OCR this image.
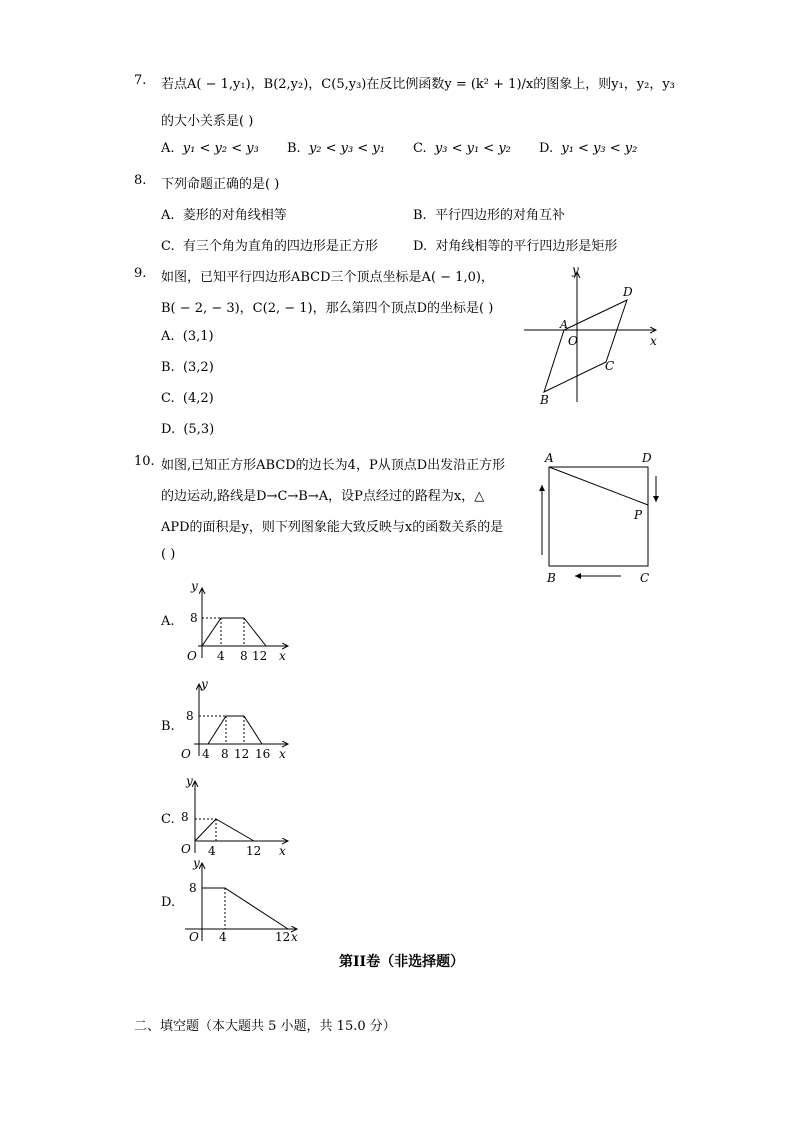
7. 若点A( − 1,y₁)，B(2,y₂)，C(5,y₃)在反比例函数y = (k² + 1)/x的图象上，则y₁，y₂，y₃
的大小关系是( )
A. y₁ < y₂ < y₃ B. y₂ < y₃ < y₁ C. y₃ < y₁ < y₂ D. y₁ < y₃ < y₂
8. 下列命题正确的是( )
A. 菱形的对角线相等	B. 平行四边形的对角互补
C. 有三个角为直角的四边形是正方形	D. 对角线相等的平行四边形是矩形
9. 如图，已知平行四边形ABCD三个顶点坐标是A( − 1,0)，
B( − 2, − 3)，C(2, − 1)，那么第四个顶点D的坐标是( )
A. (3,1)
B. (3,2)
C. (4,2)
D. (5,3)
y
x
O
A
B
C
D
10. 如图,已知正方形ABCD的边长为4，P从顶点D出发沿正方形
的边运动,路线是D→C→B→A，设P点经过的路程为x，△
APD的面积是y，则下列图象能大致反映与x的函数关系的是
( )
A	D
P
B	C
A.
y
8
O 4 8 12 x
B.
y
8
O 4 8 12 16 x
C.
y
8
O 4	12 x
D.
y
8
O 4	12 x
第II卷（非选择题）
二、填空题（本大题共 5 小题，共 15.0 分）
